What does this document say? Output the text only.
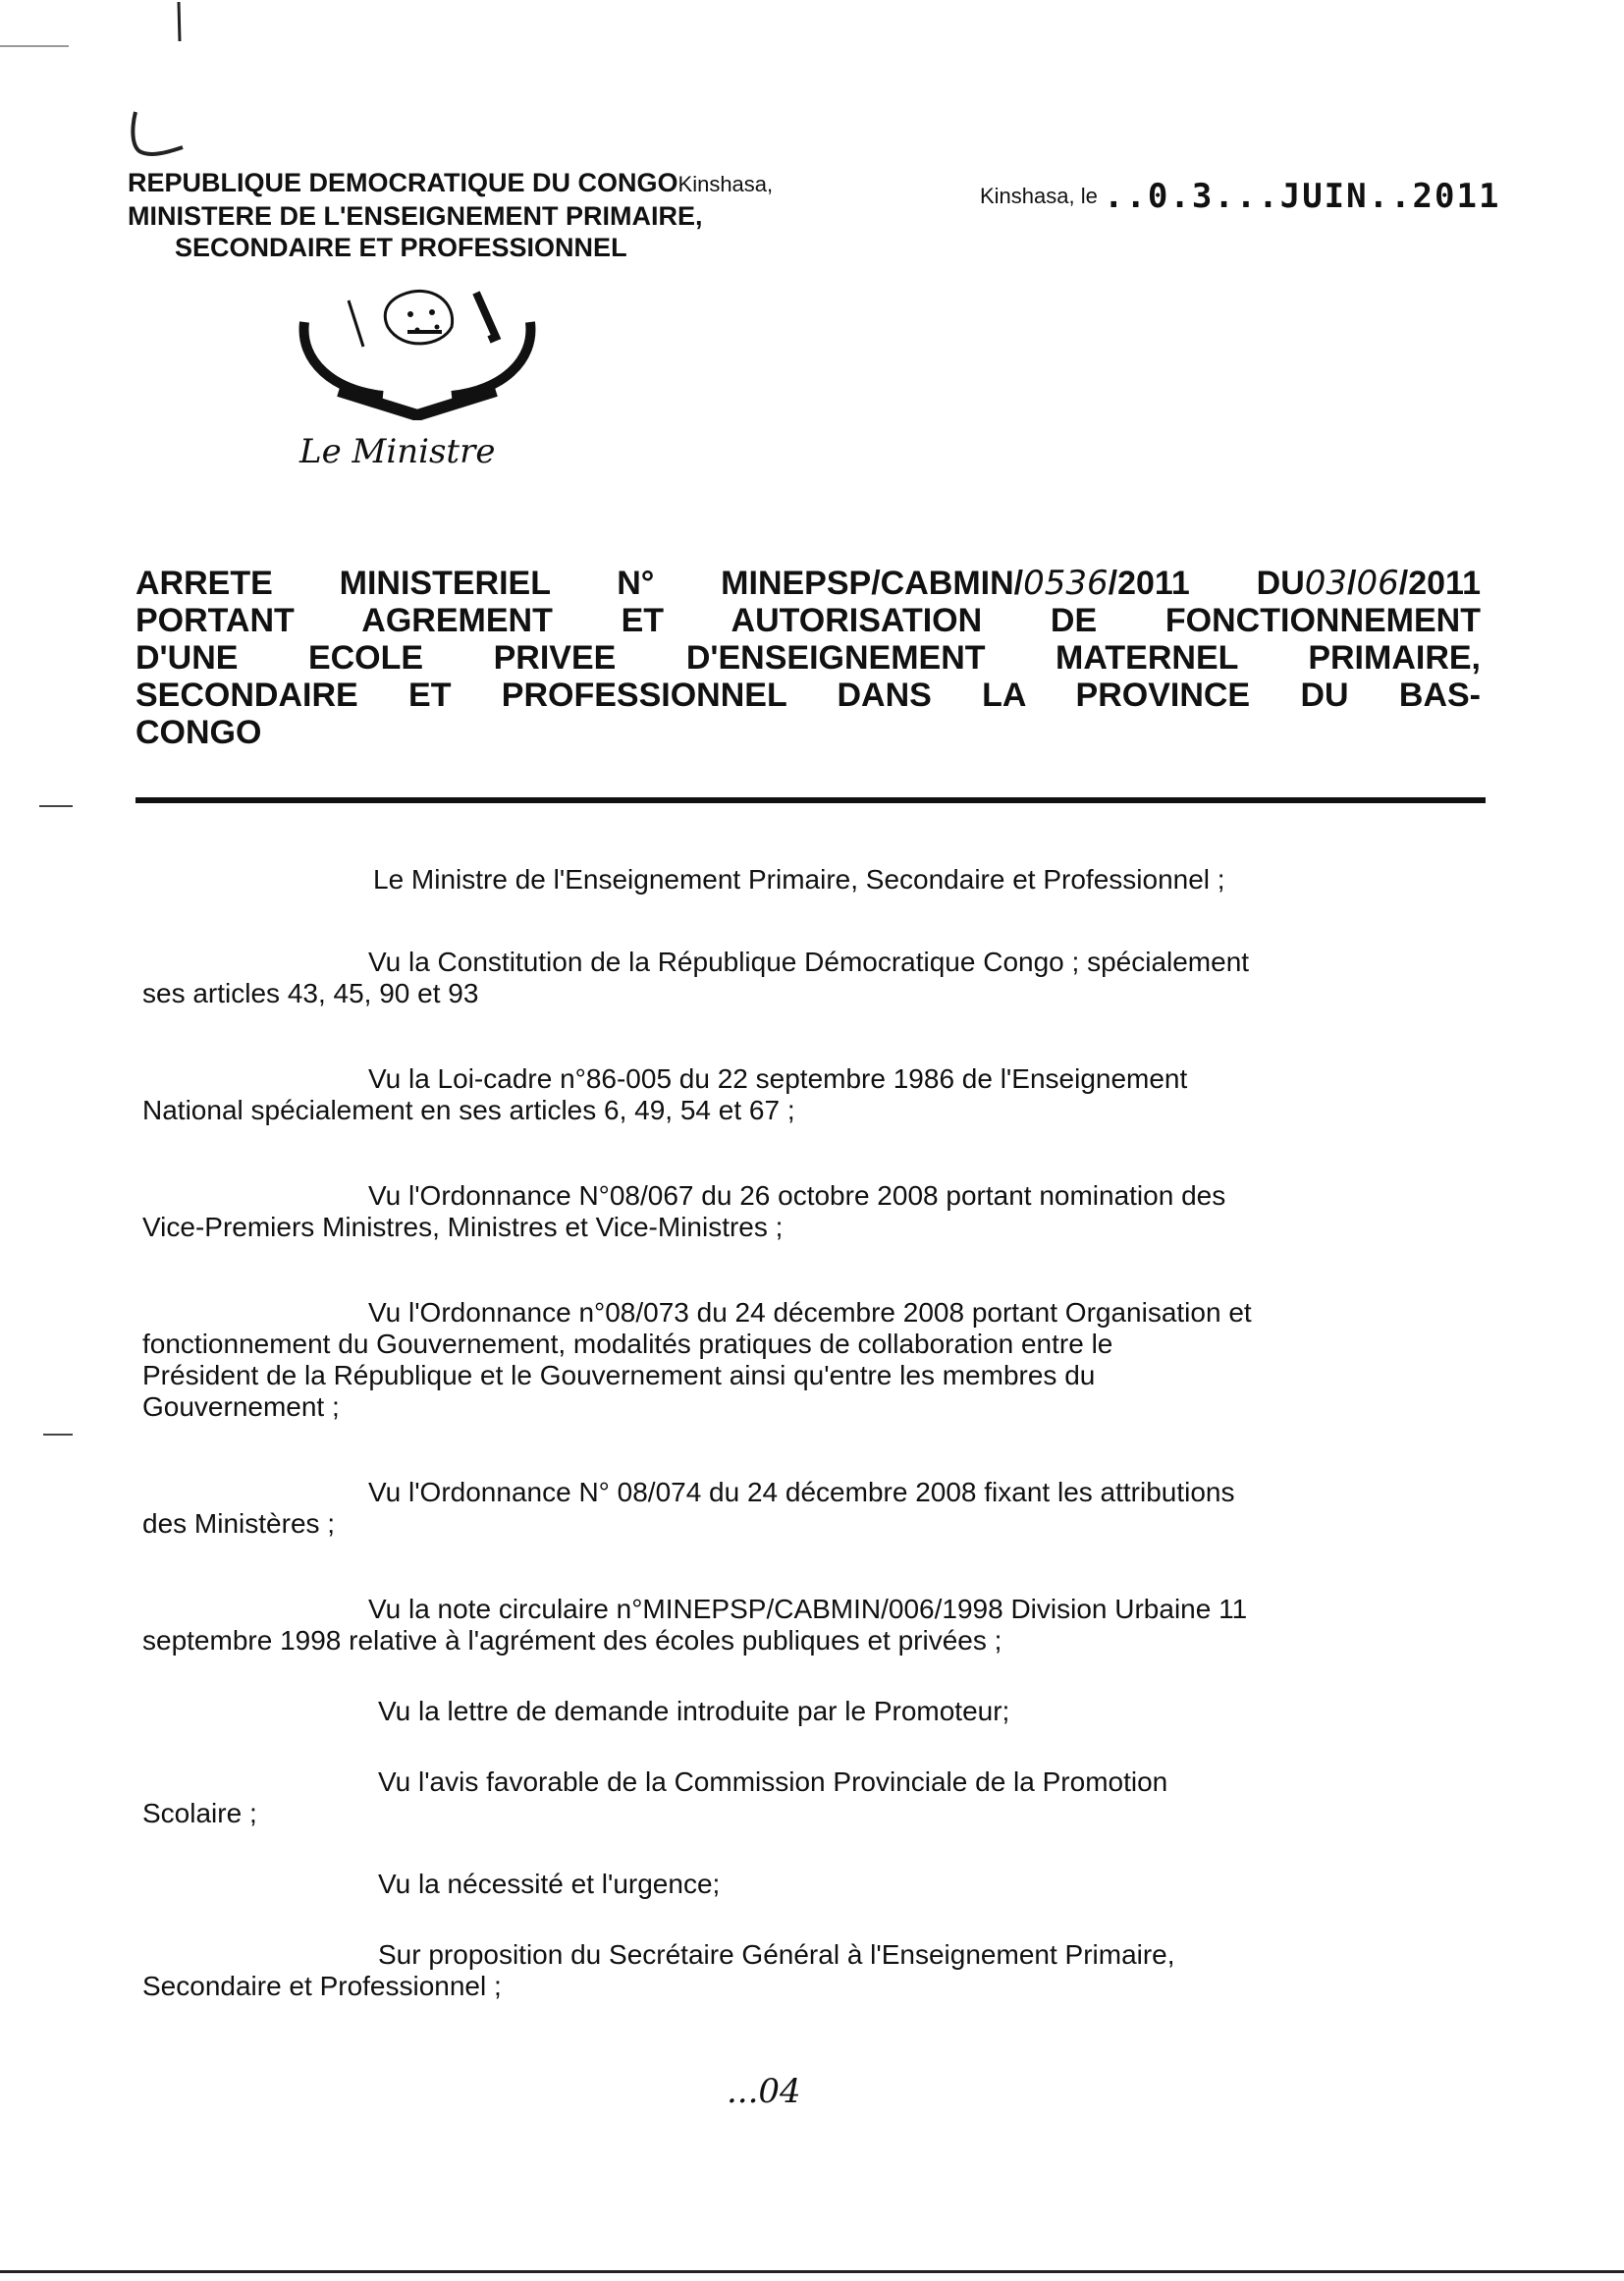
REPUBLIQUE DEMOCRATIQUE DU CONGOKinshasa,
MINISTERE DE L'ENSEIGNEMENT PRIMAIRE,
SECONDAIRE ET PROFESSIONNEL
Kinshasa, le ..0.3...JUIN..2011
Le Ministre
ARRETE MINISTERIEL N° MINEPSP/CABMIN/0536/2011 DU03/06/2011
PORTANT AGREMENT ET AUTORISATION DE FONCTIONNEMENT
D'UNE ECOLE PRIVEE D'ENSEIGNEMENT MATERNEL PRIMAIRE,
SECONDAIRE ET PROFESSIONNEL DANS LA PROVINCE DU BAS-
CONGO

Le Ministre de l'Enseignement Primaire, Secondaire et Professionnel ;

Vu la Constitution de la République Démocratique Congo ; spécialement
ses articles 43, 45, 90 et 93

Vu la Loi-cadre n°86-005 du 22 septembre 1986 de l'Enseignement
National spécialement en ses articles 6, 49, 54 et 67 ;

Vu l'Ordonnance N°08/067 du 26 octobre 2008 portant nomination des
Vice-Premiers Ministres, Ministres et Vice-Ministres ;

Vu l'Ordonnance n°08/073 du 24 décembre 2008 portant Organisation et
fonctionnement du Gouvernement, modalités pratiques de collaboration entre le
Président de la République et le Gouvernement ainsi qu'entre les membres du
Gouvernement ;

Vu l'Ordonnance N° 08/074 du 24 décembre 2008 fixant les attributions
des Ministères ;

Vu la note circulaire n°MINEPSP/CABMIN/006/1998 Division Urbaine 11
septembre 1998 relative à l'agrément des écoles publiques et privées ;

Vu la lettre de demande introduite par le Promoteur;

Vu l'avis favorable de la Commission Provinciale de la Promotion
Scolaire ;

Vu la nécessité et l'urgence;

Sur proposition du Secrétaire Général à l'Enseignement Primaire,
Secondaire et Professionnel ;

...04
